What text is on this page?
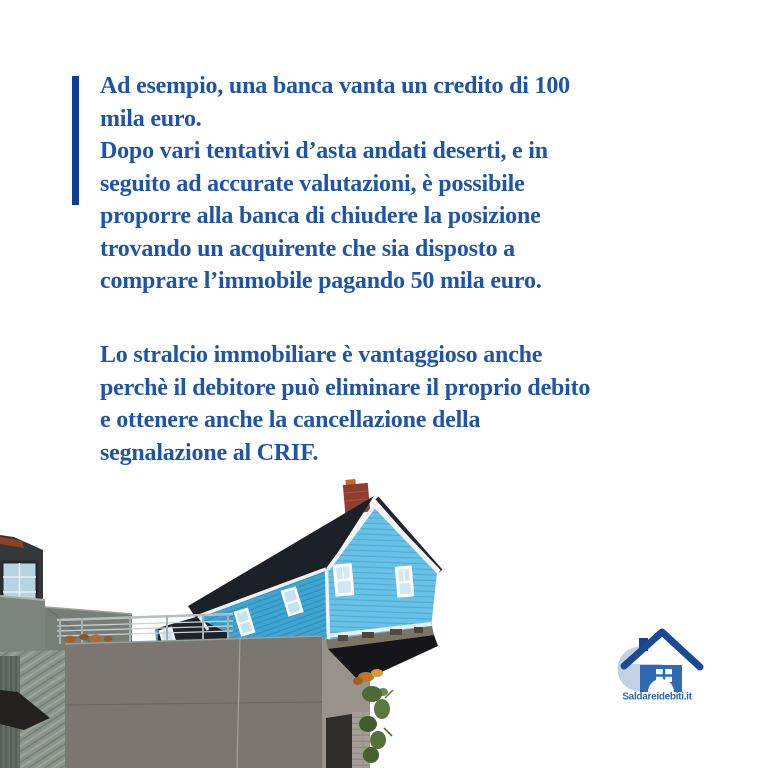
Ad esempio, una banca vanta un credito di 100
mila euro.
Dopo vari tentativi d’asta andati deserti, e in
seguito ad accurate valutazioni, è possibile
proporre alla banca di chiudere la posizione
trovando un acquirente che sia disposto a
comprare l’immobile pagando 50 mila euro.
Lo stralcio immobiliare è vantaggioso anche
perchè il debitore può eliminare il proprio debito
e ottenere anche la cancellazione della
segnalazione al CRIF.
Saldareidebiti.it
